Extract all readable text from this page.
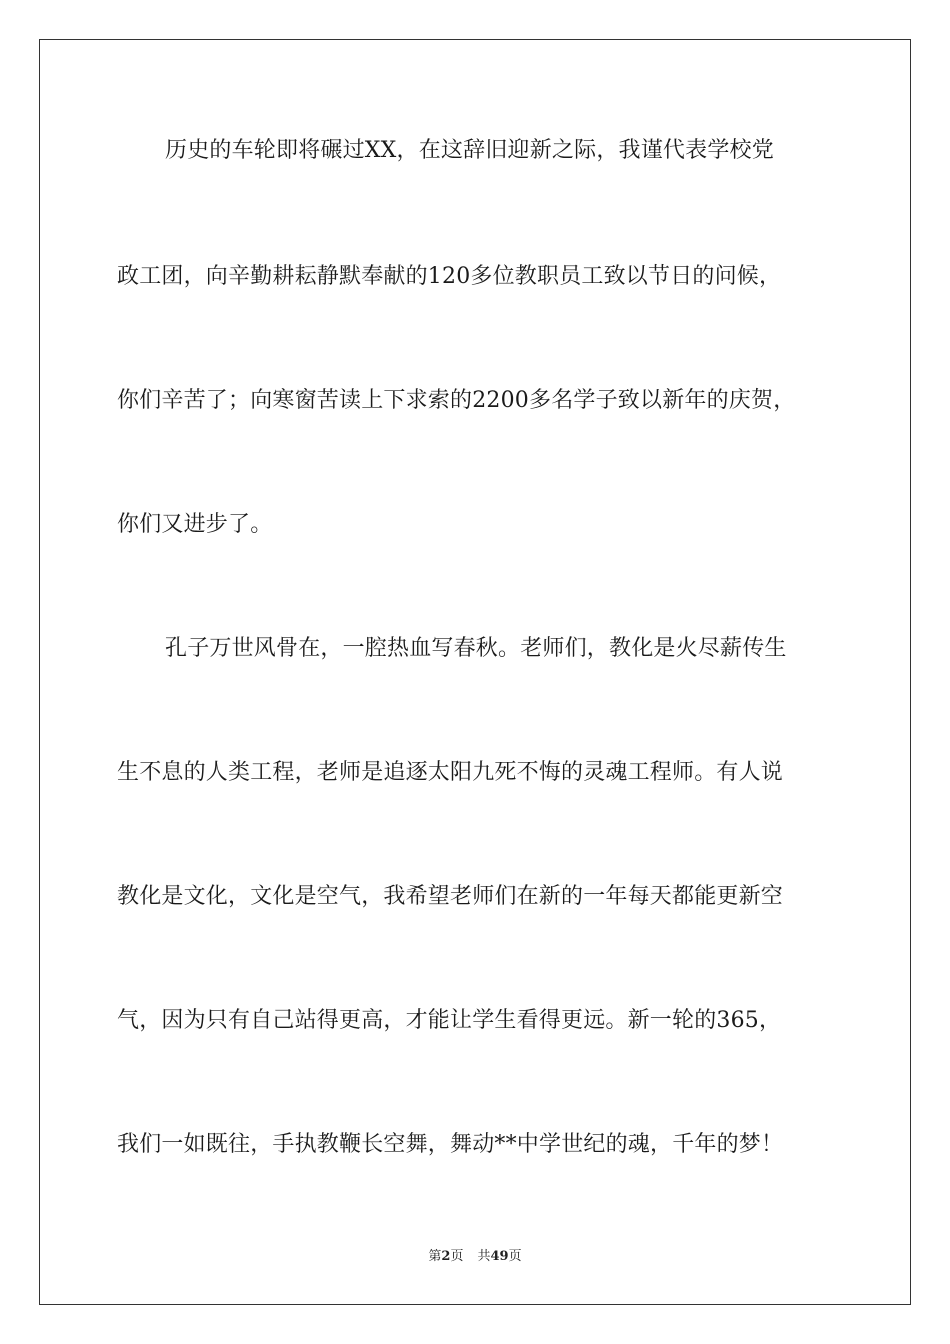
历史的车轮即将碾过XX，在这辞旧迎新之际，我谨代表学校党
政工团，向辛勤耕耘静默奉献的120多位教职员工致以节日的问候，
你们辛苦了；向寒窗苦读上下求索的2200多名学子致以新年的庆贺，
你们又进步了。
孔子万世风骨在，一腔热血写春秋。老师们，教化是火尽薪传生
生不息的人类工程，老师是追逐太阳九死不悔的灵魂工程师。有人说
教化是文化，文化是空气，我希望老师们在新的一年每天都能更新空
气，因为只有自己站得更高，才能让学生看得更远。新一轮的365，
我们一如既往，手执教鞭长空舞，舞动**中学世纪的魂，千年的梦！
第2页 共49页
